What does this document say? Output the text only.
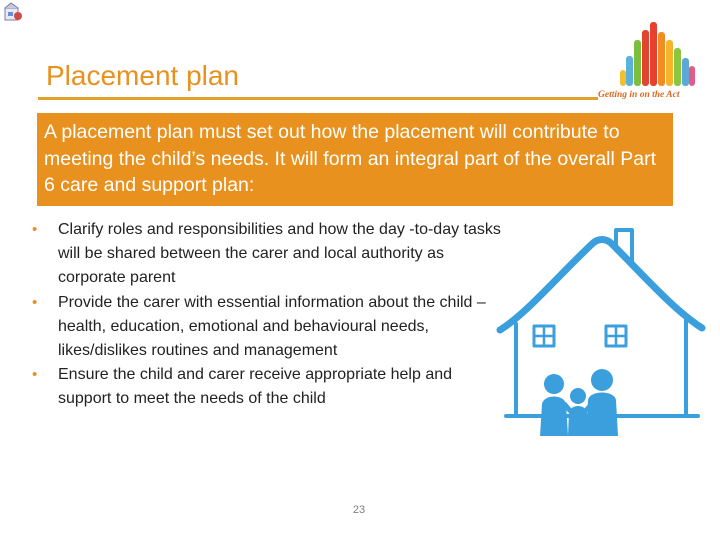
Placement plan
Getting in on the Act
A placement plan must set out how the placement will contribute to meeting the child’s needs. It will form an integral part of the overall Part 6 care and support plan:
• Clarify roles and responsibilities and how the day -to-day tasks will be shared between the carer and local authority as corporate parent
• Provide the carer with essential information about the child – health, education, emotional and behavioural needs, likes/dislikes routines and management
• Ensure the child and carer receive appropriate help and support to meet the needs of the child
23
